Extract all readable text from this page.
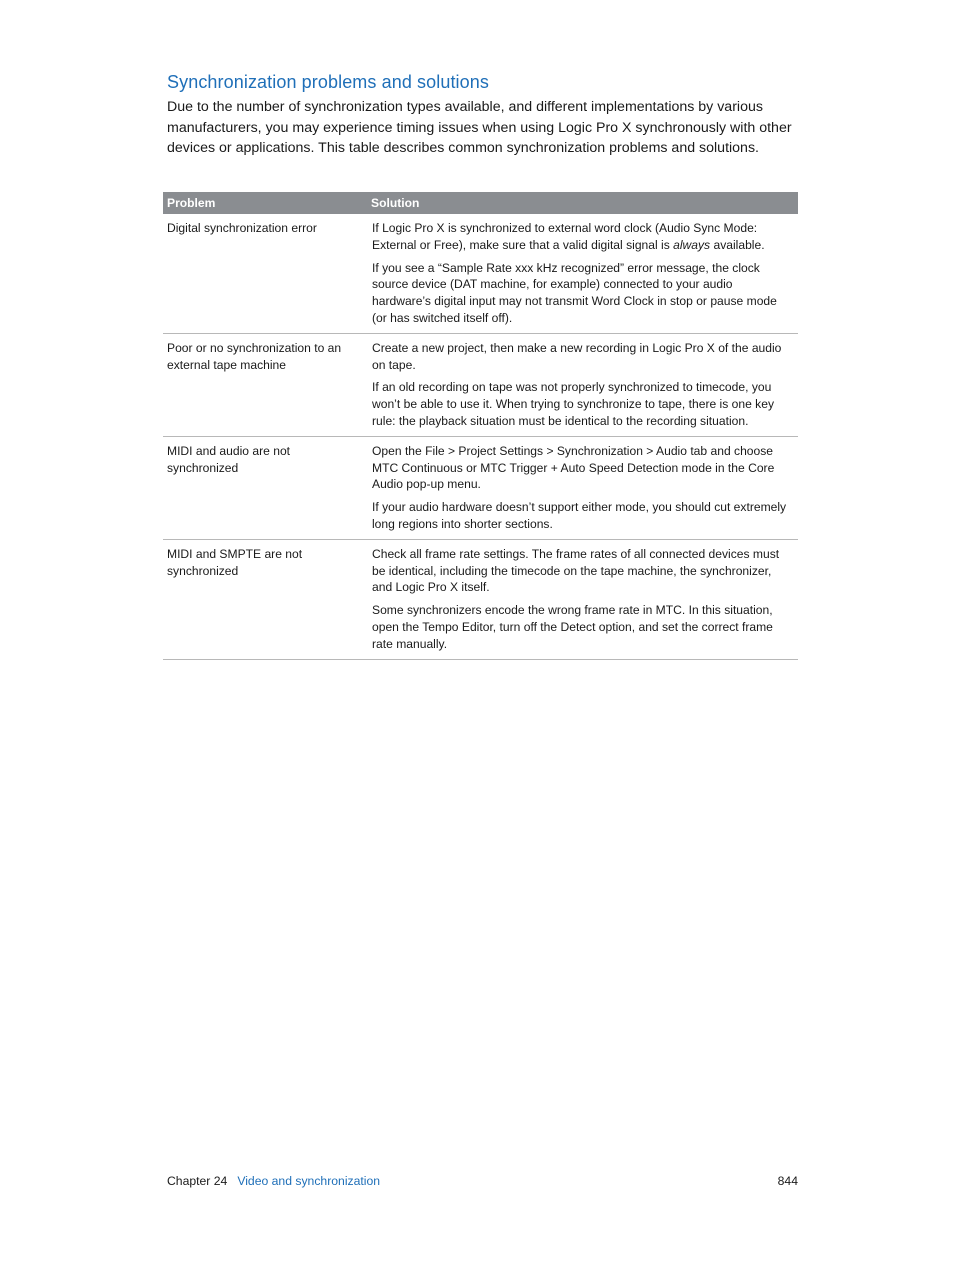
Synchronization problems and solutions

Due to the number of synchronization types available, and different implementations by various manufacturers, you may experience timing issues when using Logic Pro X synchronously with other devices or applications. This table describes common synchronization problems and solutions.

Problem	Solution
Digital synchronization error	If Logic Pro X is synchronized to external word clock (Audio Sync Mode: External or Free), make sure that a valid digital signal is always available.

If you see a “Sample Rate xxx kHz recognized” error message, the clock source device (DAT machine, for example) connected to your audio hardware’s digital input may not transmit Word Clock in stop or pause mode (or has switched itself off).

Poor or no synchronization to an external tape machine	Create a new project, then make a new recording in Logic Pro X of the audio on tape.

If an old recording on tape was not properly synchronized to timecode, you won’t be able to use it. When trying to synchronize to tape, there is one key rule: the playback situation must be identical to the recording situation.

MIDI and audio are not synchronized	Open the File > Project Settings > Synchronization > Audio tab and choose MTC Continuous or MTC Trigger + Auto Speed Detection mode in the Core Audio pop-up menu.

If your audio hardware doesn’t support either mode, you should cut extremely long regions into shorter sections.

MIDI and SMPTE are not synchronized	Check all frame rate settings. The frame rates of all connected devices must be identical, including the timecode on the tape machine, the synchronizer, and Logic Pro X itself.

Some synchronizers encode the wrong frame rate in MTC. In this situation, open the Tempo Editor, turn off the Detect option, and set the correct frame rate manually.

Chapter 24 Video and synchronization	844
